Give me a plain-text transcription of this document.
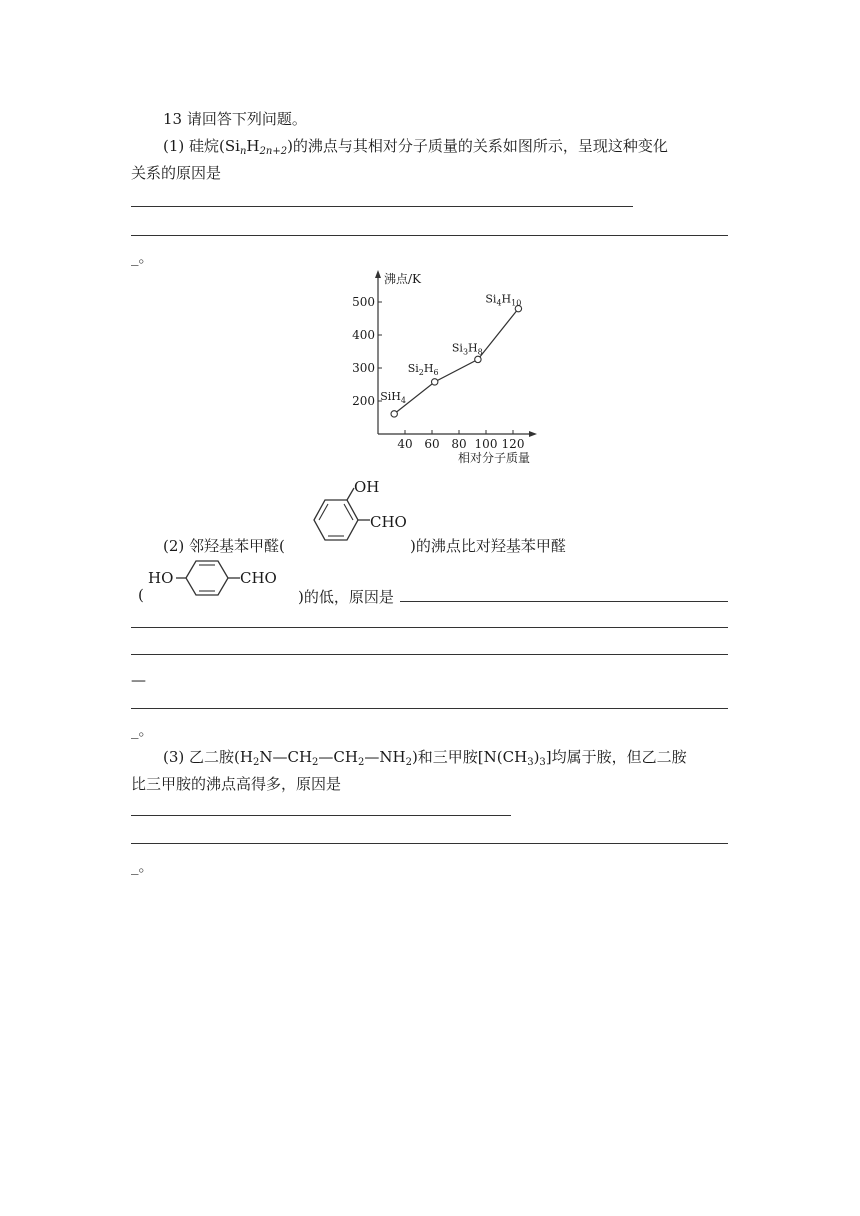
13 请回答下列问题。
(1) 硅烷$(Si_nH_{2n+2})$的沸点与其相对分子质量的关系如图所示，呈现这种变化
关系的原因是
_。
沸点/K
相对分子质量
40 60 80 100 120
200
300
400
500
SiH$_4$
$Si_2H_6$
$Si_3H_8$
$Si_4H_{10}$
(2) 邻羟基苯甲醛(
OH
CHO
)的沸点比对羟基苯甲醛
(
HO	CHO
)的低，原因是
—
_。
(3) 乙二胺$(H_2N—CH_2—CH_2—NH_2)$和三甲胺$[N(CH_3)_3]$均属于胺，但乙二胺
比三甲胺的沸点高得多，原因是
_。
